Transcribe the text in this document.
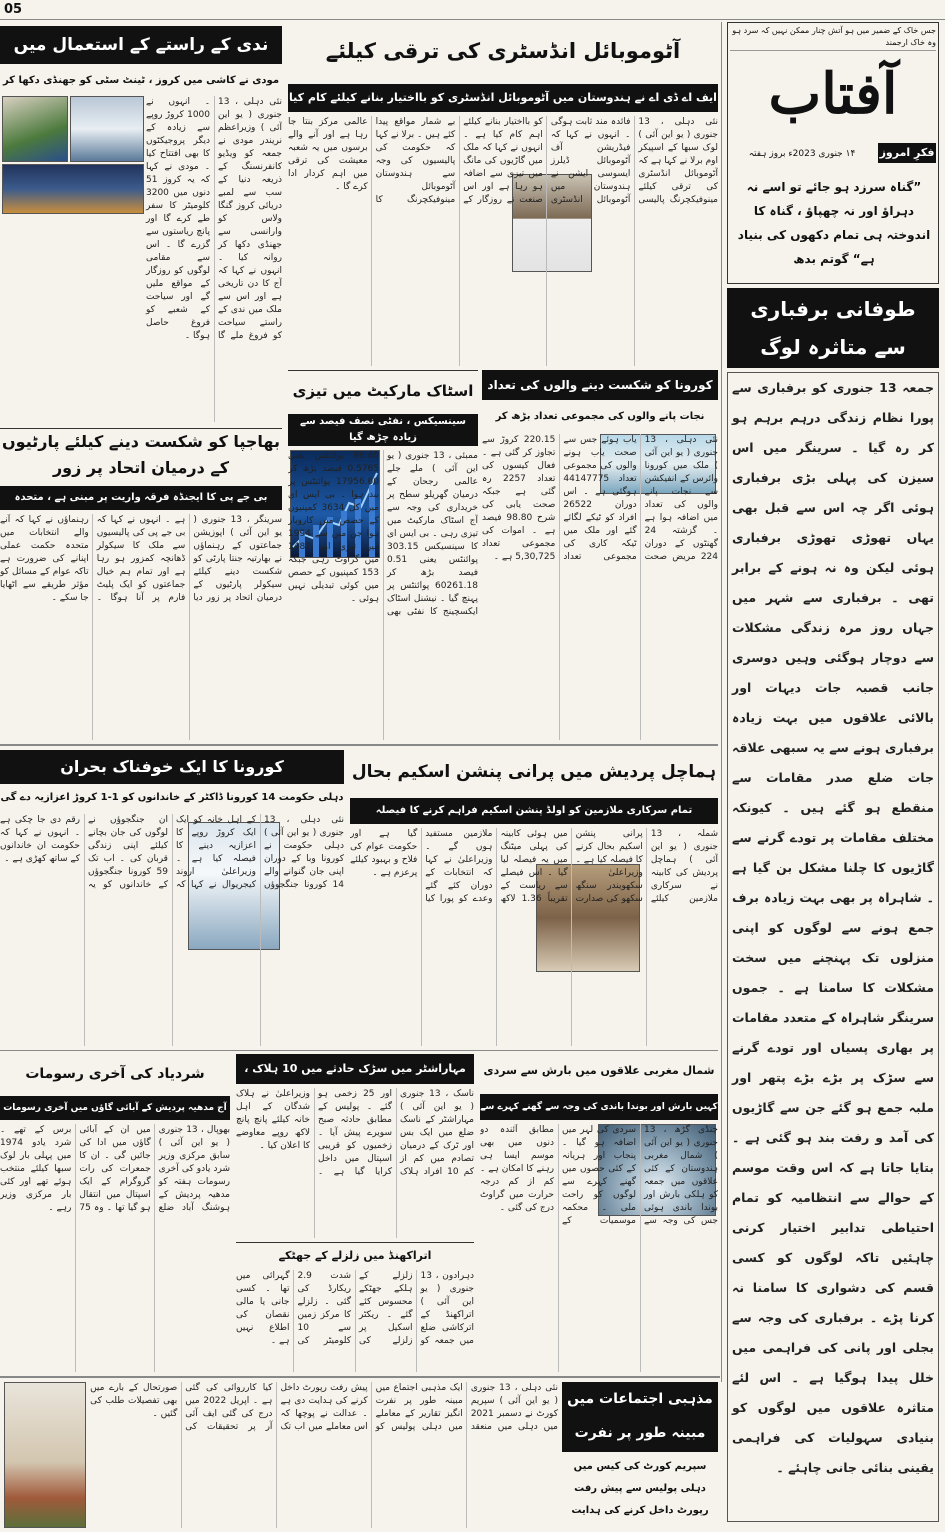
05
جس خاک کے ضمیر میں ہو آتش چنار ممکن نہیں کہ سرد ہو وہ خاک ارجمند
آفتاب
فکرِ امروز
۱۴ جنوری 2023ء بروز ہفتہ
”گناہ سرزد ہو جائے تو اسے نہ دہراؤ اور نہ چھپاؤ ، گناہ کا اندوختہ ہی تمام دکھوں کی بنیاد ہے“ گوتم بدھ
طوفانی برفباری سے متاثرہ لوگ
جمعہ 13 جنوری کو برفباری سے پورا نظام زندگی درہم برہم ہو کر رہ گیا ۔ سرینگر میں اس سیزن کی پہلی بڑی برفباری ہوئی اگر چہ اس سے قبل بھی یہاں تھوڑی تھوڑی برفباری ہوئی لیکن وہ نہ ہونے کے برابر تھی ۔ برفباری سے شہر میں جہاں روز مرہ زندگی مشکلات سے دوچار ہوگئی وہیں دوسری جانب قصبہ جات دیہات اور بالائی علاقوں میں بہت زیادہ برفباری ہونے سے یہ سبھی علاقہ جات ضلع صدر مقامات سے منقطع ہو گئے ہیں ۔ کیونکہ مختلف مقامات پر تودے گرنے سے گاڑیوں کا چلنا مشکل بن گیا ہے ۔ شاہراہ پر بھی بہت زیادہ برف جمع ہونے سے لوگوں کو اپنی منزلوں تک پہنچنے میں سخت مشکلات کا سامنا ہے ۔ جموں سرینگر شاہراہ کے متعدد مقامات پر بھاری پسیاں اور تودے گرنے سے سڑک پر بڑے بڑے پتھر اور ملبہ جمع ہو گئے جن سے گاڑیوں کی آمد و رفت بند ہو گئی ہے ۔ بتایا جاتا ہے کہ اس وقت موسم کے حوالے سے انتظامیہ کو تمام احتیاطی تدابیر اختیار کرنی چاہئیں تاکہ لوگوں کو کسی قسم کی دشواری کا سامنا نہ کرنا پڑے ۔ برفباری کی وجہ سے بجلی اور پانی کی فراہمی میں خلل پیدا ہوگیا ہے ۔ اس لئے متاثرہ علاقوں میں لوگوں کو بنیادی سہولیات کی فراہمی یقینی بنائی جانی چاہئے ۔
آٹوموبائل انڈسٹری کی ترقی کیلئے
ایف اے ڈی اے نے ہندوستان میں آٹوموبائل انڈسٹری کو بااختیار بنانے کیلئے کام کیا
نئی دہلی ، 13 جنوری ( یو این آئی ) لوک سبھا کے اسپیکر اوم برلا نے کہا ہے کہ آٹوموبائل انڈسٹری کی ترقی کیلئے مینوفیکچرنگ پالیسی فائدہ مند ثابت ہوگی ۔ انہوں نے کہا کہ فیڈریشن آف آٹوموبائل ڈیلرز ایسوسی ایشن نے ہندوستان میں آٹوموبائل انڈسٹری کو بااختیار بنانے کیلئے اہم کام کیا ہے ۔ انہوں نے کہا کہ ملک میں گاڑیوں کی مانگ میں تیزی سے اضافہ ہو رہا ہے اور اس صنعت نے روزگار کے بے شمار مواقع پیدا کئے ہیں ۔ برلا نے کہا کہ حکومت کی پالیسیوں کی وجہ سے ہندوستان آٹوموبائل مینوفیکچرنگ کا عالمی مرکز بنتا جا رہا ہے اور آنے والے برسوں میں یہ شعبہ معیشت کی ترقی میں اہم کردار ادا کرے گا ۔
ندی کے راستے کے استعمال میں
مودی نے کاشی میں کروز ، ٹینٹ سٹی کو جھنڈی دکھا کر
نئی دہلی ، 13 جنوری ( یو این آئی ) وزیراعظم نریندر مودی نے جمعہ کو ویڈیو کانفرنسنگ کے ذریعہ دنیا کے سب سے لمبے دریائی کروز گنگا ولاس کو وارانسی سے جھنڈی دکھا کر روانہ کیا ۔ انہوں نے کہا کہ آج کا دن تاریخی ہے اور اس سے ملک میں ندی کے راستے سیاحت کو فروغ ملے گا ۔ انہوں نے 1000 کروڑ روپے سے زیادہ کے دیگر پروجیکٹوں کا بھی افتتاح کیا ۔ مودی نے کہا کہ یہ کروز 51 دنوں میں 3200 کلومیٹر کا سفر طے کرے گا اور پانچ ریاستوں سے گزرے گا ۔ اس سے مقامی لوگوں کو روزگار کے مواقع ملیں گے اور سیاحت کے شعبے کو فروغ حاصل ہوگا ۔
بھاجپا کو شکست دینے کیلئے پارٹیوں کے درمیان اتحاد پر زور
بی جے پی کا ایجنڈہ فرقہ واریت پر مبنی ہے ، متحدہ
سرینگر ، 13 جنوری ( یو این آئی ) اپوزیشن جماعتوں کے رہنماؤں نے بھارتیہ جنتا پارٹی کو شکست دینے کیلئے سیکولر پارٹیوں کے درمیان اتحاد پر زور دیا ہے ۔ انہوں نے کہا کہ بی جے پی کی پالیسیوں سے ملک کا سیکولر ڈھانچہ کمزور ہو رہا ہے اور تمام ہم خیال جماعتوں کو ایک پلیٹ فارم پر آنا ہوگا ۔ رہنماؤں نے کہا کہ آنے والے انتخابات میں متحدہ حکمت عملی اپنانے کی ضرورت ہے تاکہ عوام کے مسائل کو مؤثر طریقے سے اٹھایا جا سکے ۔
اسٹاک مارکیٹ میں تیزی
سینسیکس ، نفٹی نصف فیصد سے زیادہ چڑھ گیا
ممبئی ، 13 جنوری ( یو این آئی ) ملے جلے عالمی رجحان کے درمیان گھریلو سطح پر خریداری کی وجہ سے آج اسٹاک مارکیٹ میں تیزی رہی ۔ بی ایس ای کا سینسیکس 303.15 پوائنٹس یعنی 0.51 فیصد بڑھ کر 60261.18 پوائنٹس پر پہنچ گیا ۔ نیشنل اسٹاک ایکسچینج کا نفٹی بھی 98.40 پوائنٹس یعنی 0.5765 فیصد بڑھ کر 17956.60 پوائنٹس پر بند ہوا ۔ بی ایس ای میں کل 3634 کمپنیوں کے حصص میں کاروبار ہوا جن میں سے 1994 میں تیزی اور 1487 میں گراوٹ رہی جبکہ 153 کمپنیوں کے حصص میں کوئی تبدیلی نہیں ہوئی ۔
کورونا کو شکست دینے والوں کی تعداد
نجات پانے والوں کی مجموعی تعداد بڑھ کر
نئی دہلی ، 13 جنوری ( یو این آئی ) ملک میں کورونا وائرس کے انفیکشن سے نجات پانے والوں کی تعداد میں اضافہ ہوا ہے ۔ گزشتہ 24 گھنٹوں کے دوران 224 مریض صحت یاب ہوئے جس سے صحت یاب ہونے والوں کی مجموعی تعداد 44147775 ہوگئی ہے ۔ اس دوران 26522 افراد کو ٹیکے لگائے گئے اور ملک میں ٹیکہ کاری کی مجموعی تعداد 220.15 کروڑ سے تجاوز کر گئی ہے ۔ فعال کیسوں کی تعداد 2257 رہ گئی ہے جبکہ صحت یابی کی شرح 98.80 فیصد ہے ۔ اموات کی مجموعی تعداد 5,30,725 ہے ۔
کورونا کا ایک خوفناک بحران
دہلی حکومت 14 کورونا ڈاکٹر کے خاندانوں کو 1-1 کروڑ اعزازیہ دے گی
نئی دہلی ، 13 جنوری ( یو این آئی ) دہلی حکومت نے کورونا وبا کے دوران اپنی جان گنوانے والے 14 کورونا جنگجوؤں کے اہل خانہ کو ایک ایک کروڑ روپے کا اعزازیہ دینے کا فیصلہ کیا ہے ۔ وزیراعلیٰ اروند کیجریوال نے کہا کہ ان جنگجوؤں نے لوگوں کی جان بچانے کیلئے اپنی زندگی قربان کی ۔ اب تک 59 کورونا جنگجوؤں کے خاندانوں کو یہ رقم دی جا چکی ہے ۔ انہوں نے کہا کہ حکومت ان خاندانوں کے ساتھ کھڑی ہے ۔
ہماچل پردیش میں پرانی پنشن اسکیم بحال
تمام سرکاری ملازمین کو اولڈ پنشن اسکیم فراہم کرنے کا فیصلہ
شملہ ، 13 جنوری ( یو این آئی ) ہماچل پردیش کی کابینہ نے سرکاری ملازمین کیلئے پرانی پنشن اسکیم بحال کرنے کا فیصلہ کیا ہے ۔ وزیراعلیٰ سکھویندر سنگھ سکھو کی صدارت میں ہوئی کابینہ کی پہلی میٹنگ میں یہ فیصلہ لیا گیا ۔ اس فیصلے سے ریاست کے تقریباً 1.36 لاکھ ملازمین مستفید ہوں گے ۔ وزیراعلیٰ نے کہا کہ انتخابات کے دوران کئے گئے وعدے کو پورا کیا گیا ہے اور حکومت عوام کی فلاح و بہبود کیلئے پرعزم ہے ۔
شردیاد کی آخری رسومات
آج مدھیہ پردیش کے آبائی گاؤں میں آخری رسومات
بھوپال ، 13 جنوری ( یو این آئی ) سابق مرکزی وزیر شرد یادو کی آخری رسومات ہفتہ کو مدھیہ پردیش کے ہوشنگ آباد ضلع میں ان کے آبائی گاؤں میں ادا کی جائیں گی ۔ ان کا جمعرات کی رات گروگرام کے ایک اسپتال میں انتقال ہو گیا تھا ۔ وہ 75 برس کے تھے ۔ شرد یادو 1974 میں پہلی بار لوک سبھا کیلئے منتخب ہوئے تھے اور کئی بار مرکزی وزیر رہے ۔
مہاراشٹر میں سڑک حادثے میں 10 ہلاک ،
ناسک ، 13 جنوری ( یو این آئی ) مہاراشٹر کے ناسک ضلع میں ایک بس اور ٹرک کے درمیان تصادم میں کم از کم 10 افراد ہلاک اور 25 زخمی ہو گئے ۔ پولیس کے مطابق حادثہ صبح سویرے پیش آیا ۔ زخمیوں کو قریبی اسپتال میں داخل کرایا گیا ہے ۔ وزیراعلیٰ نے ہلاک شدگان کے اہل خانہ کیلئے پانچ پانچ لاکھ روپے معاوضے کا اعلان کیا ۔
اتراکھنڈ میں زلزلے کے جھٹکے
دہرادون ، 13 جنوری ( یو این آئی ) اتراکھنڈ کے اترکاشی ضلع میں جمعہ کو زلزلے کے ہلکے جھٹکے محسوس کئے گئے ۔ ریکٹر اسکیل پر زلزلے کی شدت 2.9 ریکارڈ کی گئی ۔ زلزلے کا مرکز زمین سے 10 کلومیٹر کی گہرائی میں تھا ۔ کسی جانی یا مالی نقصان کی اطلاع نہیں ہے ۔
شمال مغربی علاقوں میں بارش سے سردی
کہیں بارش اور بوندا باندی کی وجہ سے گھنے کہرے سے
چنڈی گڑھ ، 13 جنوری ( یو این آئی ) شمال مغربی ہندوستان کے کئی علاقوں میں جمعہ کو ہلکی بارش اور بوندا باندی ہوئی جس کی وجہ سے سردی کی لہر میں اضافہ ہو گیا ۔ پنجاب اور ہریانہ کے کئی حصوں میں گھنے کہرے سے لوگوں کو راحت ملی ۔ محکمہ موسمیات کے مطابق آئندہ دو دنوں میں بھی موسم ایسا ہی رہنے کا امکان ہے ۔ کم از کم درجہ حرارت میں گراوٹ درج کی گئی ۔
نئی دہلی ، 13 جنوری ( یو این آئی ) سپریم کورٹ نے دسمبر 2021 میں دہلی میں منعقد ایک مذہبی اجتماع میں مبینہ طور پر نفرت انگیز تقاریر کے معاملے میں دہلی پولیس کو پیش رفت رپورٹ داخل کرنے کی ہدایت دی ہے ۔ عدالت نے پوچھا کہ اس معاملے میں اب تک کیا کارروائی کی گئی ہے ۔ اپریل 2022 میں درج کی گئی ایف آئی آر پر تحقیقات کی صورتحال کے بارے میں بھی تفصیلات طلب کی گئیں ۔
مذہبی اجتماعات میں مبینہ طور پر نفرت
سپریم کورٹ کی کیس میں دہلی پولیس سے پیش رفت رپورٹ داخل کرنے کی ہدایت
